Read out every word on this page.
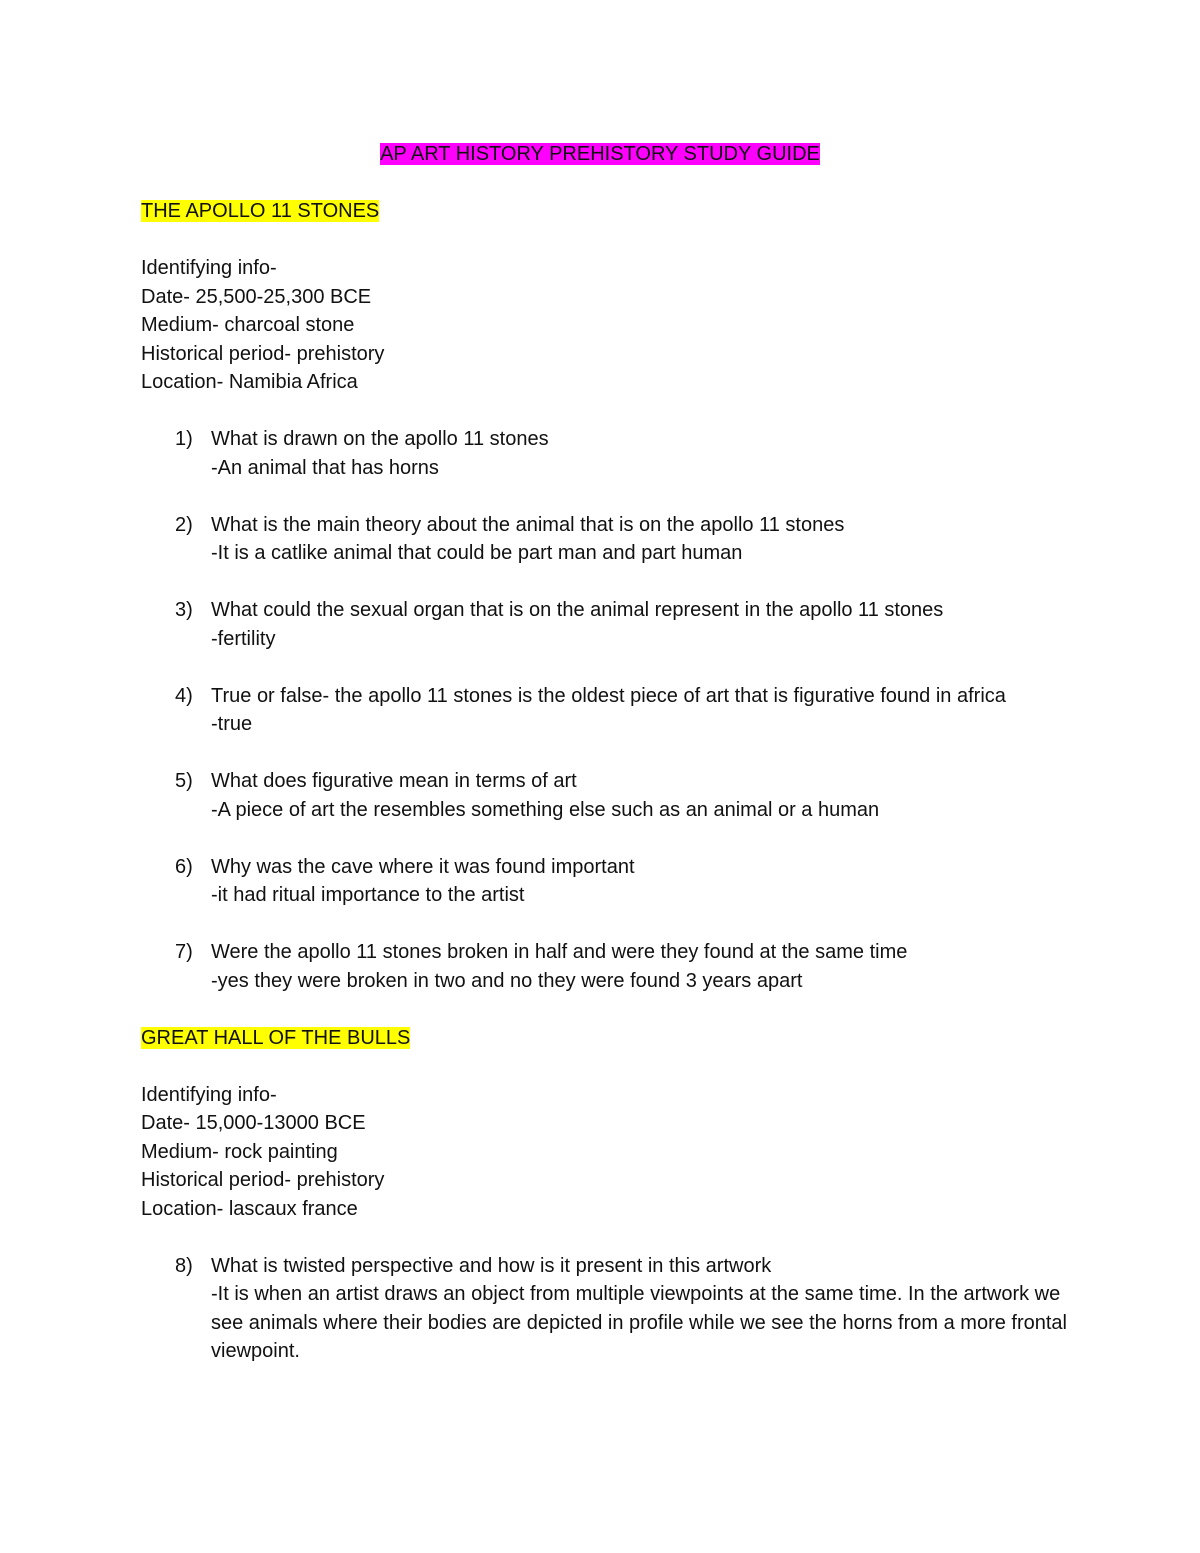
AP ART HISTORY PREHISTORY STUDY GUIDE
THE APOLLO 11 STONES
Identifying info-
Date- 25,500-25,300 BCE
Medium- charcoal stone
Historical period- prehistory
Location- Namibia Africa
1) What is drawn on the apollo 11 stones
-An animal that has horns
2) What is the main theory about the animal that is on the apollo 11 stones
-It is a catlike animal that could be part man and part human
3) What could the sexual organ that is on the animal represent in the apollo 11 stones
-fertility
4) True or false- the apollo 11 stones is the oldest piece of art that is figurative found in africa
-true
5) What does figurative mean in terms of art
-A piece of art the resembles something else such as an animal or a human
6) Why was the cave where it was found important
-it had ritual importance to the artist
7) Were the apollo 11 stones broken in half and were they found at the same time
-yes they were broken in two and no they were found 3 years apart
GREAT HALL OF THE BULLS
Identifying info-
Date- 15,000-13000 BCE
Medium- rock painting
Historical period- prehistory
Location- lascaux france
8) What is twisted perspective and how is it present in this artwork
-It is when an artist draws an object from multiple viewpoints at the same time. In the artwork we see animals where their bodies are depicted in profile while we see the horns from a more frontal viewpoint.
